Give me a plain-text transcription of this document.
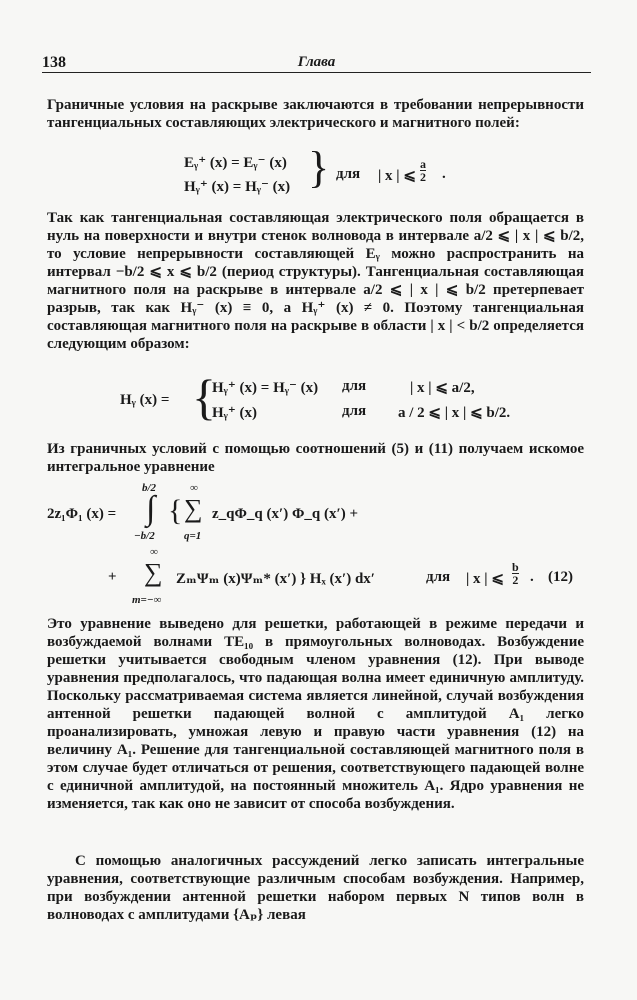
138	Глава

Граничные условия на раскрыве заключаются в требовании непрерывности тангенциальных составляющих электрического и магнитного полей:

Eᵧ⁺ (x) = Eᵧ⁻ (x)
Hᵧ⁺ (x) = Hᵧ⁻ (x) } для | x | ⩽ $\frac{a}{2}$ .

Так как тангенциальная составляющая электрического поля обращается в нуль на поверхности и внутри стенок волновода в интервале a/2 ⩽ | x | ⩽ b/2, то условие непрерывности составляющей Eᵧ можно распространить на интервал −b/2 ⩽ x ⩽ b/2 (период структуры). Тангенциальная составляющая магнитного поля на раскрыве в интервале a/2 ⩽ | x | ⩽ b/2 претерпевает разрыв, так как Hᵧ⁻ (x) ≡ 0, а Hᵧ⁺ (x) ≠ 0. Поэтому тангенциальная составляющая магнитного поля на раскрыве в области | x | < b/2 определяется следующим образом:

Hᵧ (x) = {
Hᵧ⁺ (x) = Hᵧ⁻ (x) для	| x | ⩽ a/2,
Hᵧ⁺ (x)	для a / 2 ⩽ | x | ⩽ b/2.

Из граничных условий с помощью соотношений (5) и (11) получаем искомое интегральное уравнение

2z₁Φ₁ (x) =
b/2
∫
−b/2
{
∞
∑
q=1
z_qΦ_q (x′) Φ_q (x′) +
+
∞
∑
m=−∞
ZₘΨₘ (x)Ψₘ* (x′) } Hₓ (x′) dx′	для | x | ⩽ $\frac{b}{2}$ . (12)

Это уравнение выведено для решетки, работающей в режиме передачи и возбуждаемой волнами TE₁₀ в прямоугольных волноводах. Возбуждение решетки учитывается свободным членом уравнения (12). При выводе уравнения предполагалось, что падающая волна имеет единичную амплитуду. Поскольку рассматриваемая система является линейной, случай возбуждения антенной решетки падающей волной с амплитудой A₁ легко проанализировать, умножая левую и правую части уравнения (12) на величину A₁. Решение для тангенциальной составляющей магнитного поля в этом случае будет отличаться от решения, соответствующего падающей волне с единичной амплитудой, на постоянный множитель A₁. Ядро уравнения не изменяется, так как оно не зависит от способа возбуждения.

С помощью аналогичных рассуждений легко записать интегральные уравнения, соответствующие различным способам возбуждения. Например, при возбуждении антенной решетки набором первых N типов волн в волноводах с амплитудами {Aₚ} левая
